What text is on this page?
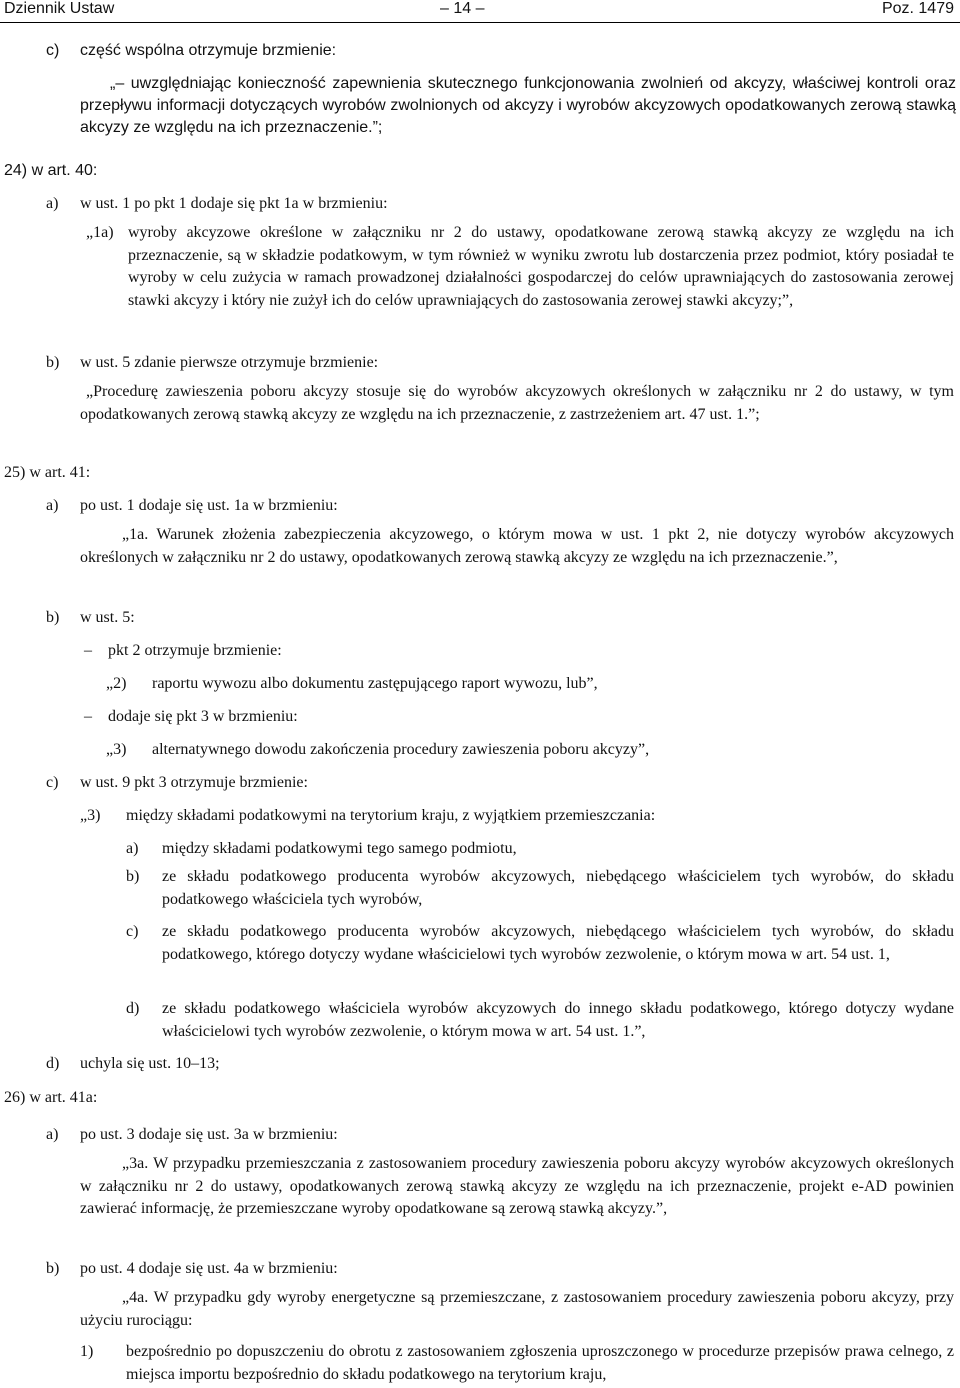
Dziennik Ustaw	– 14 –	Poz. 1479
c) część wspólna otrzymuje brzmienie:
„– uwzględniając konieczność zapewnienia skutecznego funkcjonowania zwolnień od akcyzy, właściwej kontroli oraz przepływu informacji dotyczących wyrobów zwolnionych od akcyzy i wyrobów akcyzowych opodatkowanych zerową stawką akcyzy ze względu na ich przeznaczenie.”;
24) w art. 40:
a) w ust. 1 po pkt 1 dodaje się pkt 1a w brzmieniu:
„1a) wyroby akcyzowe określone w załączniku nr 2 do ustawy, opodatkowane zerową stawką akcyzy ze względu na ich przeznaczenie, są w składzie podatkowym, w tym również w wyniku zwrotu lub dostarczenia przez podmiot, który posiadał te wyroby w celu zużycia w ramach prowadzonej działalności gospodarczej do celów uprawniających do zastosowania zerowej stawki akcyzy i który nie zużył ich do celów uprawniających do zastosowania zerowej stawki akcyzy;”,
b) w ust. 5 zdanie pierwsze otrzymuje brzmienie:
„Procedurę zawieszenia poboru akcyzy stosuje się do wyrobów akcyzowych określonych w załączniku nr 2 do ustawy, w tym opodatkowanych zerową stawką akcyzy ze względu na ich przeznaczenie, z zastrzeżeniem art. 47 ust. 1.”;
25) w art. 41:
a) po ust. 1 dodaje się ust. 1a w brzmieniu:
„1a. Warunek złożenia zabezpieczenia akcyzowego, o którym mowa w ust. 1 pkt 2, nie dotyczy wyrobów akcyzowych określonych w załączniku nr 2 do ustawy, opodatkowanych zerową stawką akcyzy ze względu na ich przeznaczenie.”,
b) w ust. 5:
– pkt 2 otrzymuje brzmienie:
„2) raportu wywozu albo dokumentu zastępującego raport wywozu, lub”,
– dodaje się pkt 3 w brzmieniu:
„3) alternatywnego dowodu zakończenia procedury zawieszenia poboru akcyzy”,
c) w ust. 9 pkt 3 otrzymuje brzmienie:
„3) między składami podatkowymi na terytorium kraju, z wyjątkiem przemieszczania:
a) między składami podatkowymi tego samego podmiotu,
b) ze składu podatkowego producenta wyrobów akcyzowych, niebędącego właścicielem tych wyrobów, do składu podatkowego właściciela tych wyrobów,
c) ze składu podatkowego producenta wyrobów akcyzowych, niebędącego właścicielem tych wyrobów, do składu podatkowego, którego dotyczy wydane właścicielowi tych wyrobów zezwolenie, o którym mowa w art. 54 ust. 1,
d) ze składu podatkowego właściciela wyrobów akcyzowych do innego składu podatkowego, którego dotyczy wydane właścicielowi tych wyrobów zezwolenie, o którym mowa w art. 54 ust. 1.”,
d) uchyla się ust. 10–13;
26) w art. 41a:
a) po ust. 3 dodaje się ust. 3a w brzmieniu:
„3a. W przypadku przemieszczania z zastosowaniem procedury zawieszenia poboru akcyzy wyrobów akcyzowych określonych w załączniku nr 2 do ustawy, opodatkowanych zerową stawką akcyzy ze względu na ich przeznaczenie, projekt e-AD powinien zawierać informację, że przemieszczane wyroby opodatkowane są zerową stawką akcyzy.”,
b) po ust. 4 dodaje się ust. 4a w brzmieniu:
„4a. W przypadku gdy wyroby energetyczne są przemieszczane, z zastosowaniem procedury zawieszenia poboru akcyzy, przy użyciu rurociągu:
1) bezpośrednio po dopuszczeniu do obrotu z zastosowaniem zgłoszenia uproszczonego w procedurze przepisów prawa celnego, z miejsca importu bezpośrednio do składu podatkowego na terytorium kraju,
